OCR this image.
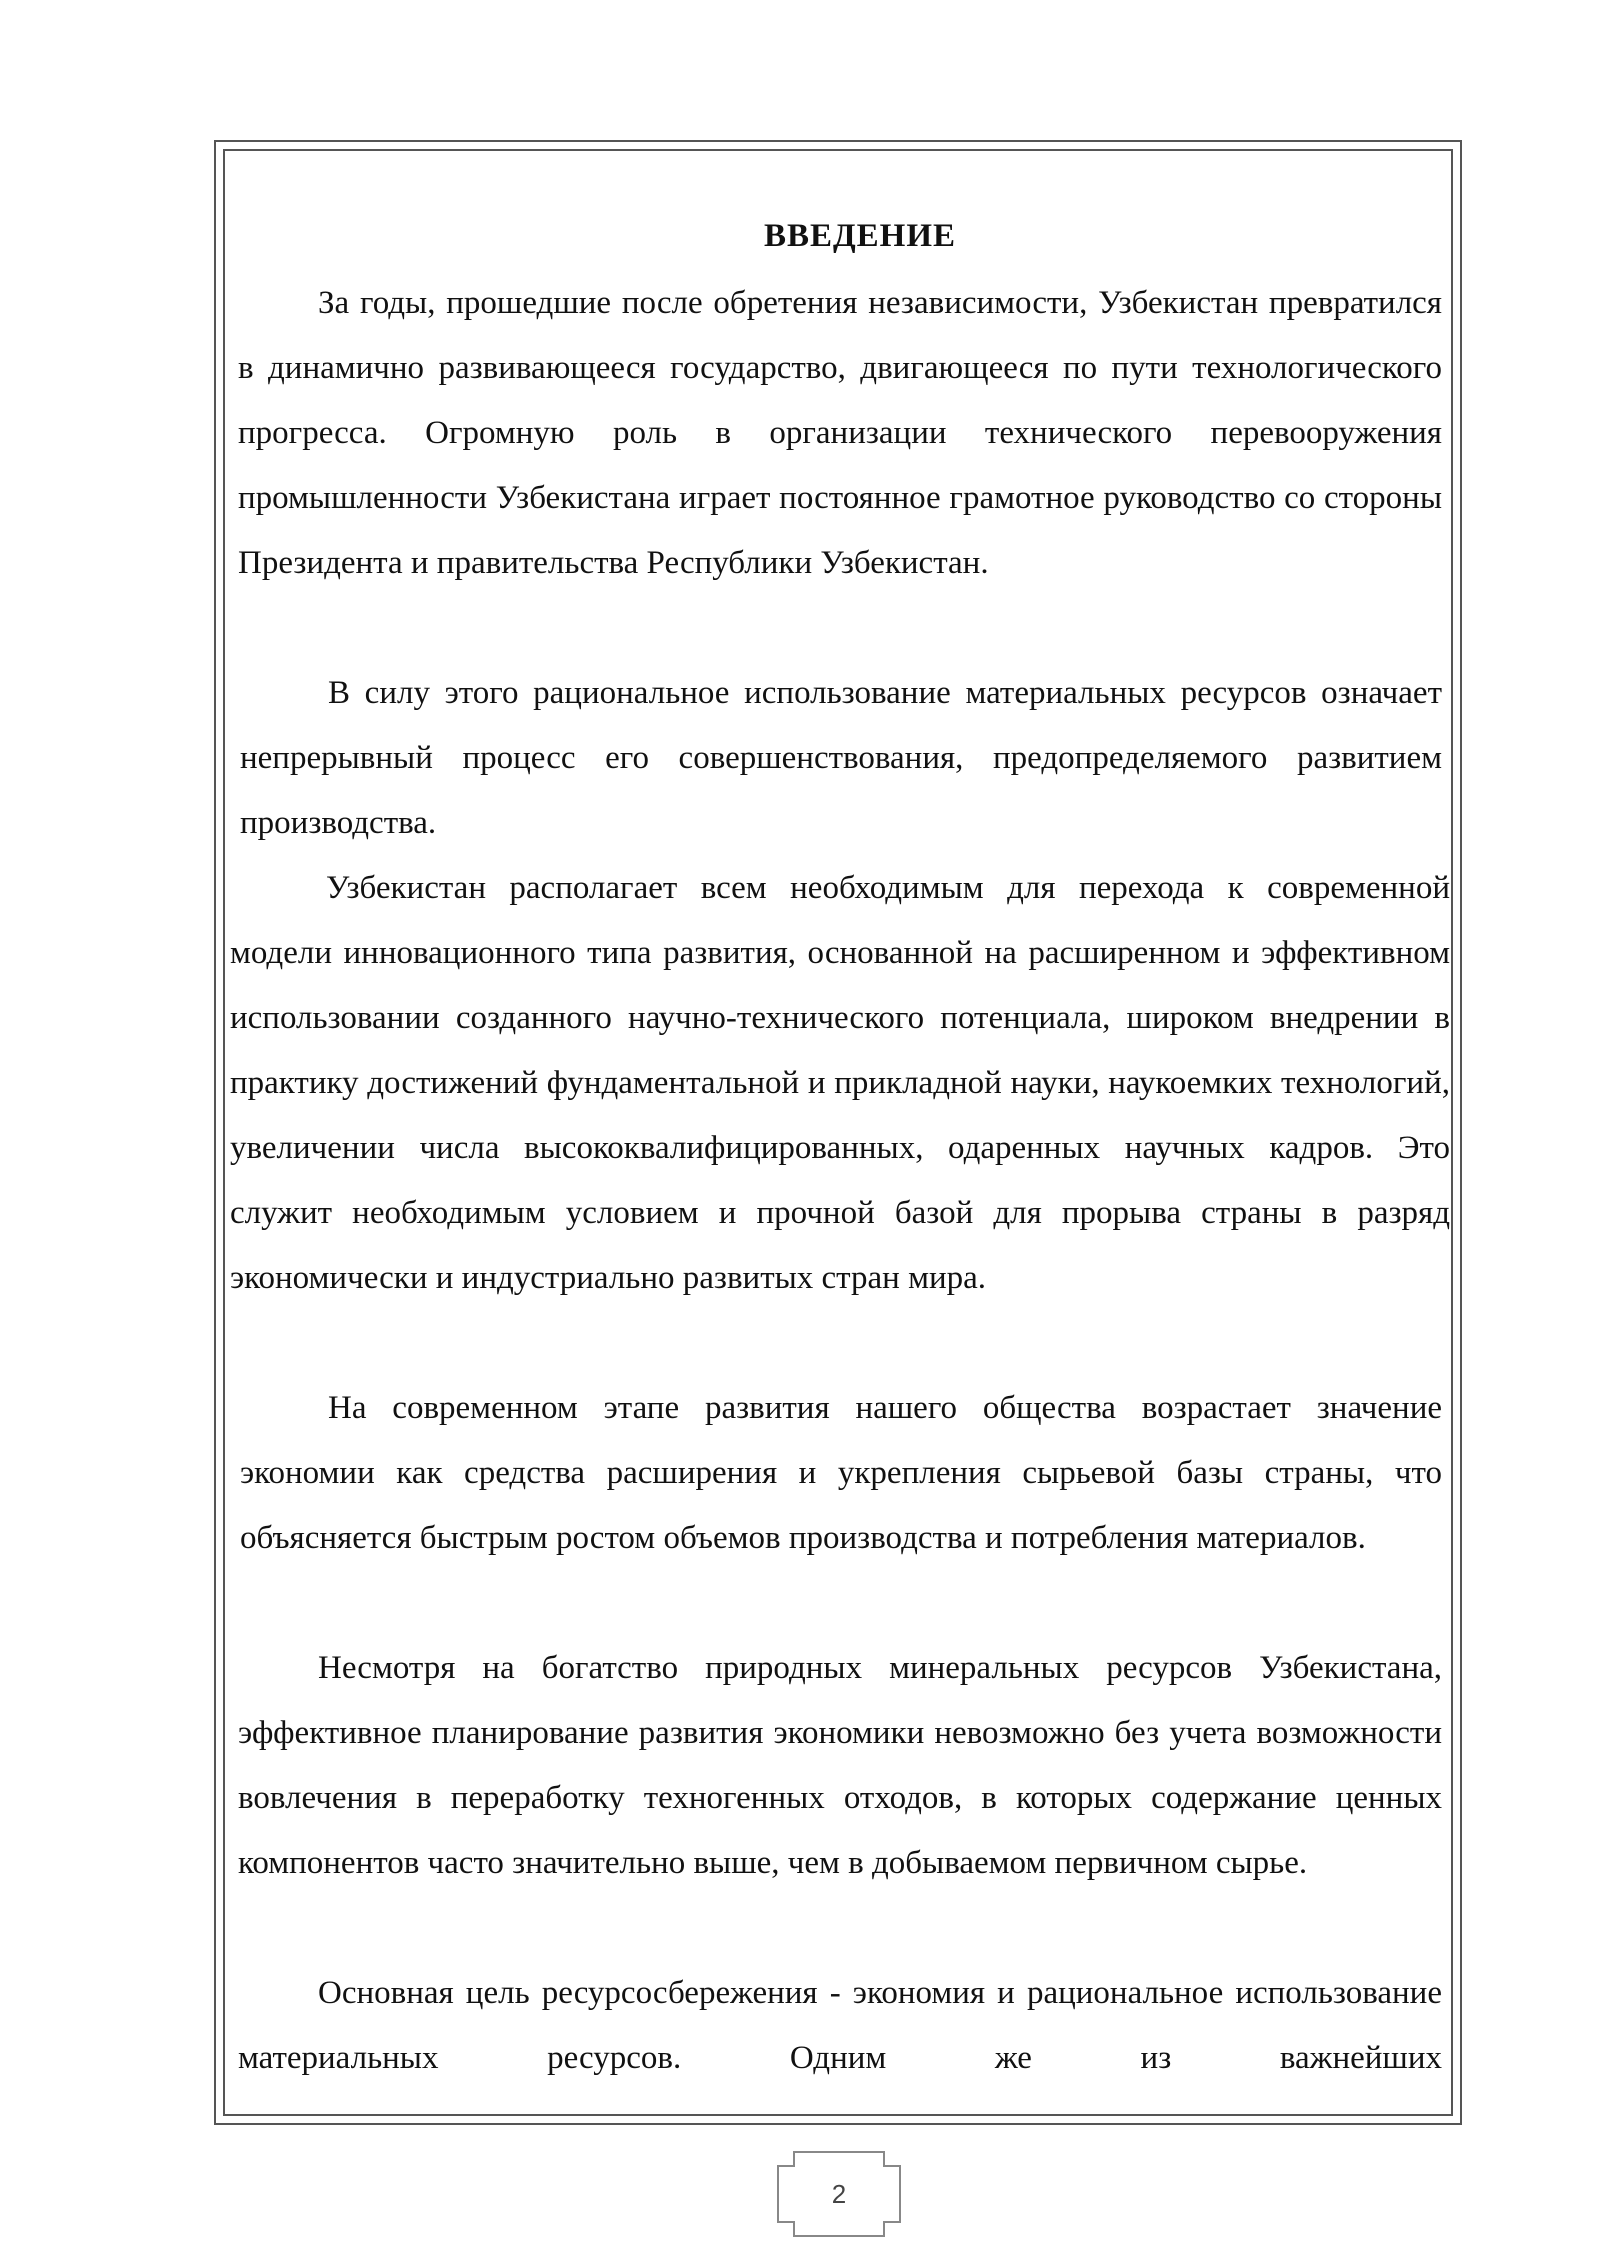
ВВЕДЕНИЕ

За годы, прошедшие после обретения независимости, Узбекистан превратился в динамично развивающееся государство, двигающееся по пути технологического прогресса. Огромную роль в организации технического перевооружения промышленности Узбекистана играет постоянное грамотное руководство со стороны Президента и правительства Республики Узбекистан.

В силу этого рациональное использование материальных ресурсов означает непрерывный процесс его совершенствования, предопределяемого развитием производства.

Узбекистан располагает всем необходимым для перехода к современной модели инновационного типа развития, основанной на расширенном и эффективном использовании созданного научно-технического потенциала, широком внедрении в практику достижений фундаментальной и прикладной науки, наукоемких технологий, увеличении числа высококвалифицированных, одаренных научных кадров. Это служит необходимым условием и прочной базой для прорыва страны в разряд экономически и индустриально развитых стран мира.

На современном этапе развития нашего общества возрастает значение экономии как средства расширения и укрепления сырьевой базы страны, что объясняется быстрым ростом объемов производства и потребления материалов.

Несмотря на богатство природных минеральных ресурсов Узбекистана, эффективное планирование развития экономики невозможно без учета возможности вовлечения в переработку техногенных отходов, в которых содержание ценных компонентов часто значительно выше, чем в добываемом первичном сырье.

Основная цель ресурсосбережения - экономия и рациональное использование материальных ресурсов. Одним же из важнейших

2
